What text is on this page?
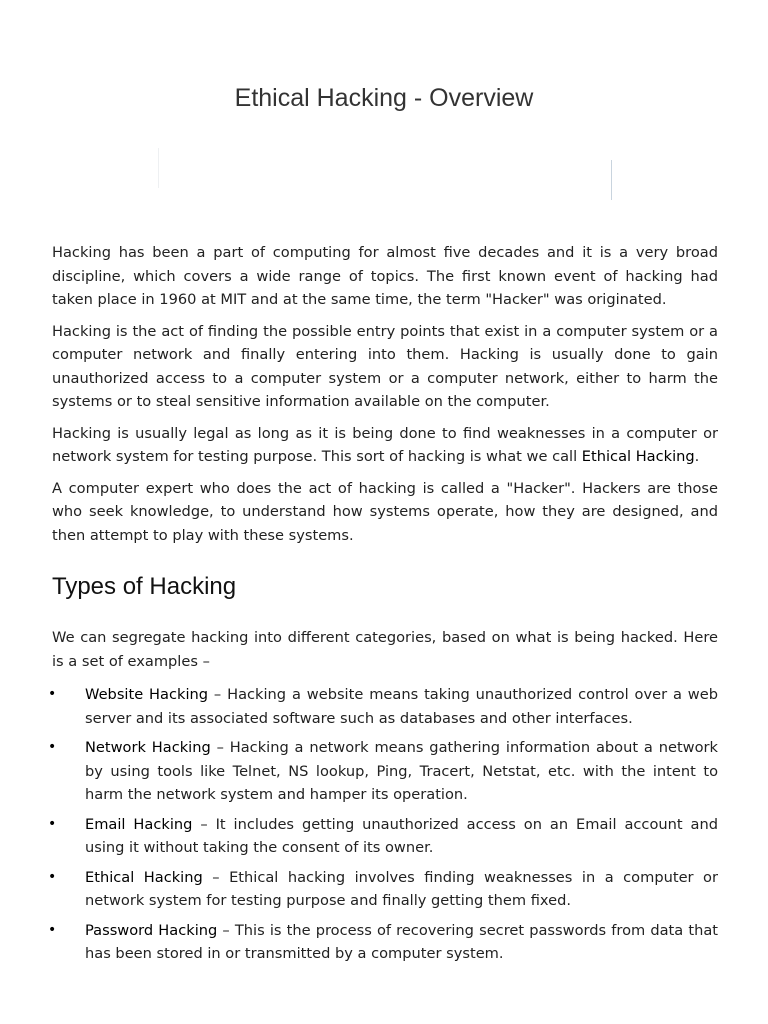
Ethical Hacking - Overview

Hacking has been a part of computing for almost five decades and it is a very broad discipline, which covers a wide range of topics. The first known event of hacking had taken place in 1960 at MIT and at the same time, the term "Hacker" was originated.

Hacking is the act of finding the possible entry points that exist in a computer system or a computer network and finally entering into them. Hacking is usually done to gain unauthorized access to a computer system or a computer network, either to harm the systems or to steal sensitive information available on the computer.

Hacking is usually legal as long as it is being done to find weaknesses in a computer or network system for testing purpose. This sort of hacking is what we call Ethical Hacking.

A computer expert who does the act of hacking is called a "Hacker". Hackers are those who seek knowledge, to understand how systems operate, how they are designed, and then attempt to play with these systems.

Types of Hacking

We can segregate hacking into different categories, based on what is being hacked. Here is a set of examples –

• Website Hacking – Hacking a website means taking unauthorized control over a web server and its associated software such as databases and other interfaces.
• Network Hacking – Hacking a network means gathering information about a network by using tools like Telnet, NS lookup, Ping, Tracert, Netstat, etc. with the intent to harm the network system and hamper its operation.
• Email Hacking – It includes getting unauthorized access on an Email account and using it without taking the consent of its owner.
• Ethical Hacking – Ethical hacking involves finding weaknesses in a computer or network system for testing purpose and finally getting them fixed.
• Password Hacking – This is the process of recovering secret passwords from data that has been stored in or transmitted by a computer system.
